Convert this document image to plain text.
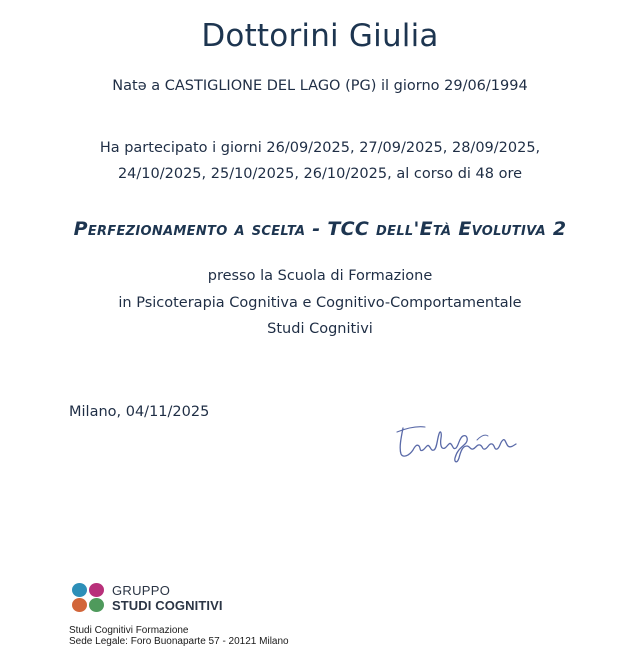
Dottorini Giulia
Natə a CASTIGLIONE DEL LAGO (PG) il giorno 29/06/1994
Ha partecipato i giorni 26/09/2025, 27/09/2025, 28/09/2025,
24/10/2025, 25/10/2025, 26/10/2025, al corso di 48 ore
Perfezionamento a scelta - TCC dell'Età Evolutiva 2
presso la Scuola di Formazione
in Psicoterapia Cognitiva e Cognitivo-Comportamentale
Studi Cognitivi
Milano, 04/11/2025
GRUPPO
STUDI COGNITIVI
Studi Cognitivi Formazione
Sede Legale: Foro Buonaparte 57 - 20121 Milano
